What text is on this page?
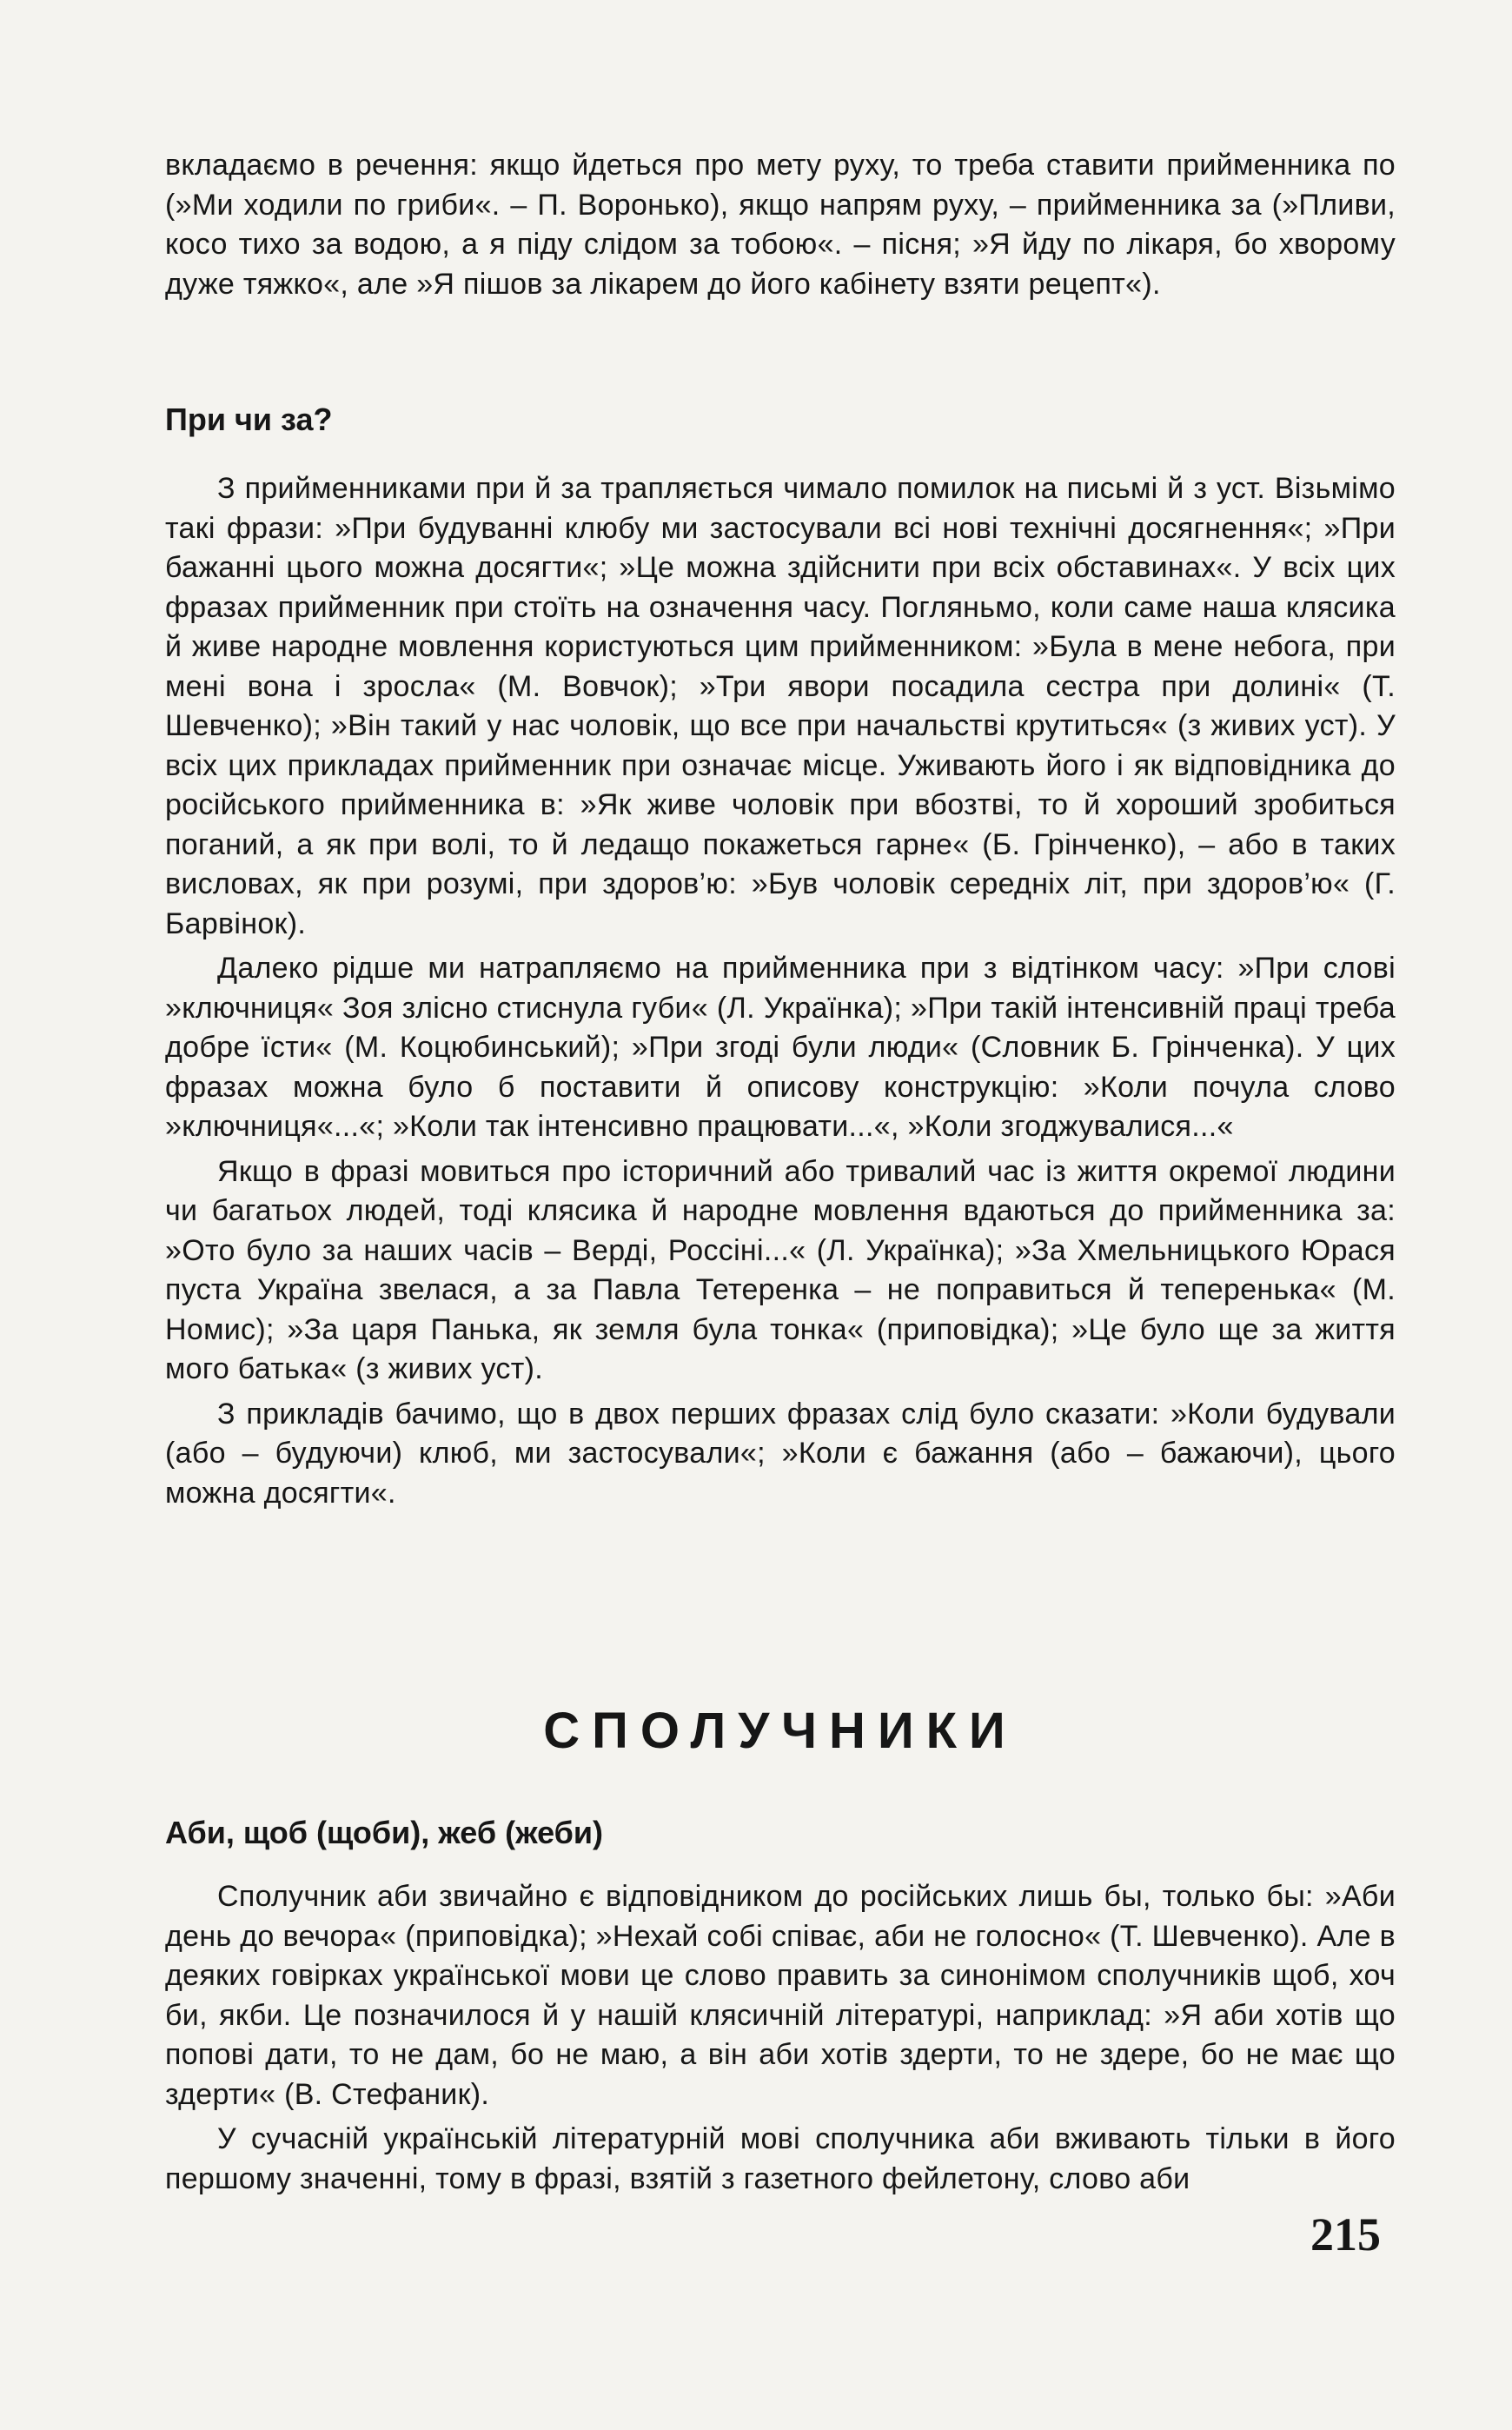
вкладаємо в речення: якщо йдеться про мету руху, то треба ставити прийменника по (»Ми ходили по гриби«. – П. Воронько), якщо напрям руху, – прийменника за (»Пливи, косо тихо за водою, а я піду слідом за тобою«. – пісня; »Я йду по лікаря, бо хворому дуже тяжко«, але »Я пішов за лікарем до його кабінету взяти рецепт«).

При чи за?

З прийменниками при й за трапляється чимало помилок на письмі й з уст. Візьмімо такі фрази: »При будуванні клюбу ми застосували всі нові технічні досягнення«; »При бажанні цього можна досягти«; »Це можна здійснити при всіх обставинах«. У всіх цих фразах прийменник при стоїть на означення часу. Погляньмо, коли саме наша клясика й живе народне мовлення користуються цим прийменником: »Була в мене небога, при мені вона і зросла« (М. Вовчок); »Три явори посадила сестра при долині« (Т. Шевченко); »Він такий у нас чоловік, що все при начальстві крутиться« (з живих уст). У всіх цих прикладах прийменник при означає місце. Уживають його і як відповідника до російського прийменника в: »Як живе чоловік при вбозтві, то й хороший зробиться поганий, а як при волі, то й ледащо покажеться гарне« (Б. Грінченко), – або в таких висловах, як при розумі, при здоров’ю: »Був чоловік середніх літ, при здоров’ю« (Г. Барвінок).

Далеко рідше ми натрапляємо на прийменника при з відтінком часу: »При слові »ключниця« Зоя злісно стиснула губи« (Л. Українка); »При такій інтенсивній праці треба добре їсти« (М. Коцюбинський); »При згоді були люди« (Словник Б. Грінченка). У цих фразах можна було б поставити й описову конструкцію: »Коли почула слово »ключниця«...«; »Коли так інтенсивно працювати...«, »Коли згоджувалися...«

Якщо в фразі мовиться про історичний або тривалий час із життя окремої людини чи багатьох людей, тоді клясика й народне мовлення вдаються до прийменника за: »Ото було за наших часів – Верді, Россіні...« (Л. Українка); »За Хмельницького Юрася пуста Україна звелася, а за Павла Тетеренка – не поправиться й теперенька« (М. Номис); »За царя Панька, як земля була тонка« (приповідка); »Це було ще за життя мого батька« (з живих уст).

З прикладів бачимо, що в двох перших фразах слід було сказати: »Коли будували (або – будуючи) клюб, ми застосували«; »Коли є бажання (або – бажаючи), цього можна досягти«.

СПОЛУЧНИКИ
Аби, щоб (щоби), жеб (жеби)

Сполучник аби звичайно є відповідником до російських лишь бы, только бы: »Аби день до вечора« (приповідка); »Нехай собі співає, аби не голосно« (Т. Шевченко). Але в деяких говірках української мови це слово править за синонімом сполучників щоб, хоч би, якби. Це позначилося й у нашій клясичній літературі, наприклад: »Я аби хотів що попові дати, то не дам, бо не маю, а він аби хотів здерти, то не здере, бо не має що здерти« (В. Стефаник).

У сучасній українській літературній мові сполучника аби вживають тільки в його першому значенні, тому в фразі, взятій з газетного фейлетону, слово аби

215
